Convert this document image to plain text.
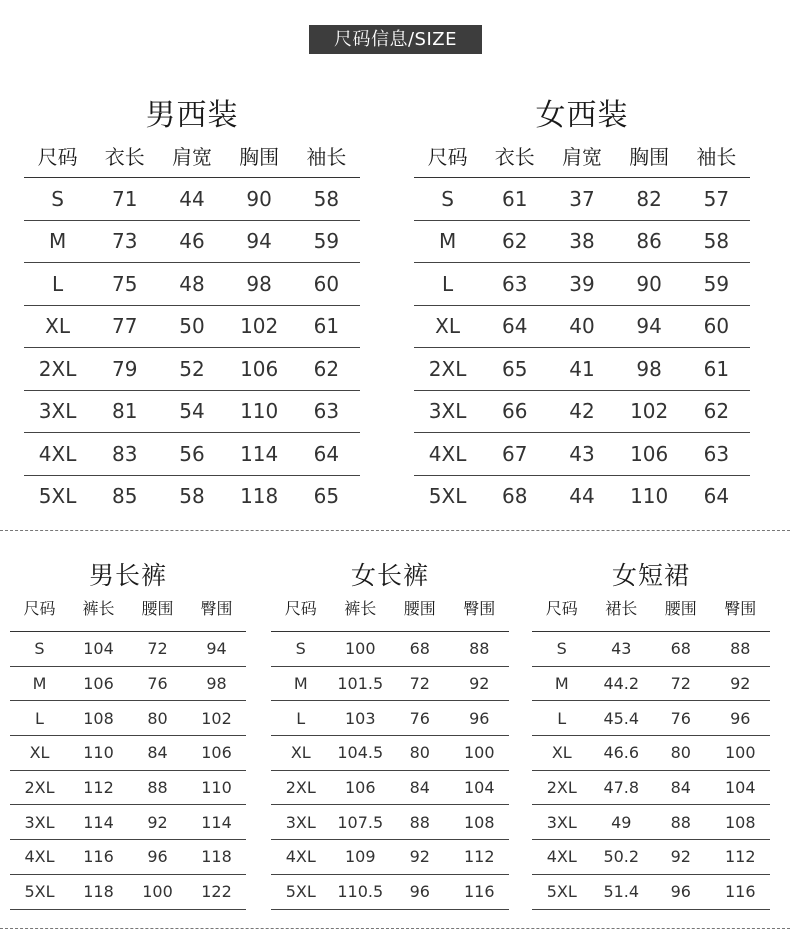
尺码信息/SIZE
男西装
尺码	衣长	肩宽	胸围	袖长
S	71	44	90	58
M	73	46	94	59
L	75	48	98	60
XL	77	50	102	61
2XL	79	52	106	62
3XL	81	54	110	63
4XL	83	56	114	64
5XL	85	58	118	65
女西装
尺码	衣长	肩宽	胸围	袖长
S	61	37	82	57
M	62	38	86	58
L	63	39	90	59
XL	64	40	94	60
2XL	65	41	98	61
3XL	66	42	102	62
4XL	67	43	106	63
5XL	68	44	110	64
男长裤
尺码	裤长	腰围	臀围
S	104	72	94
M	106	76	98
L	108	80	102
XL	110	84	106
2XL	112	88	110
3XL	114	92	114
4XL	116	96	118
5XL	118	100	122
女长裤
尺码	裤长	腰围	臀围
S	100	68	88
M	101.5	72	92
L	103	76	96
XL	104.5	80	100
2XL	106	84	104
3XL	107.5	88	108
4XL	109	92	112
5XL	110.5	96	116
女短裙
尺码	裙长	腰围	臀围
S	43	68	88
M	44.2	72	92
L	45.4	76	96
XL	46.6	80	100
2XL	47.8	84	104
3XL	49	88	108
4XL	50.2	92	112
5XL	51.4	96	116
